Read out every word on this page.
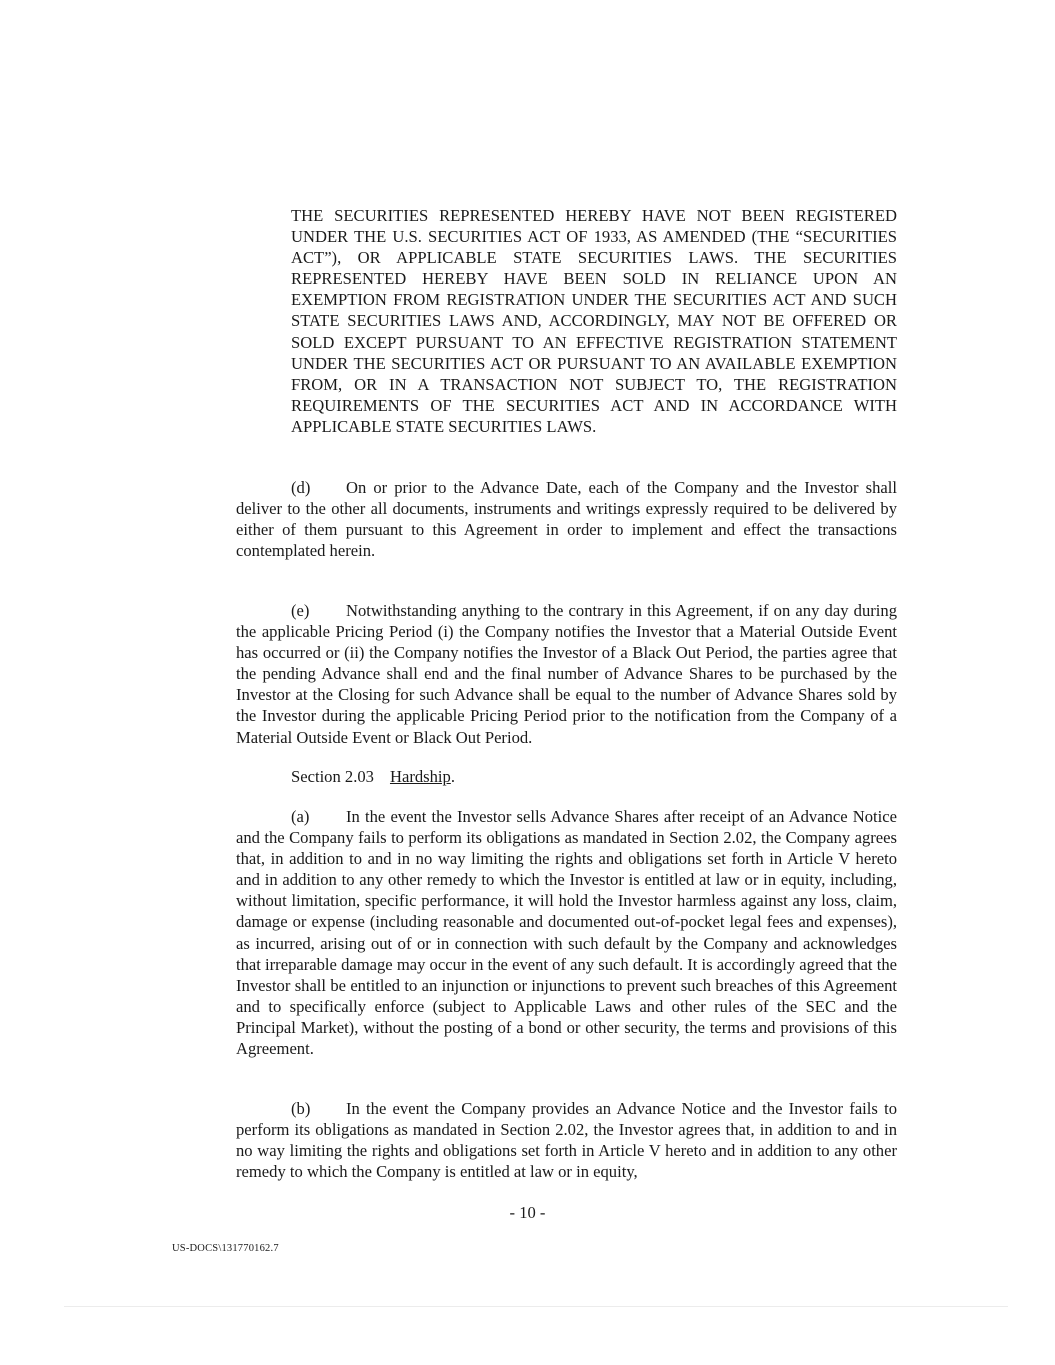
THE SECURITIES REPRESENTED HEREBY HAVE NOT BEEN REGISTERED UNDER THE U.S. SECURITIES ACT OF 1933, AS AMENDED (THE “SECURITIES ACT”), OR APPLICABLE STATE SECURITIES LAWS. THE SECURITIES REPRESENTED HEREBY HAVE BEEN SOLD IN RELIANCE UPON AN EXEMPTION FROM REGISTRATION UNDER THE SECURITIES ACT AND SUCH STATE SECURITIES LAWS AND, ACCORDINGLY, MAY NOT BE OFFERED OR SOLD EXCEPT PURSUANT TO AN EFFECTIVE REGISTRATION STATEMENT UNDER THE SECURITIES ACT OR PURSUANT TO AN AVAILABLE EXEMPTION FROM, OR IN A TRANSACTION NOT SUBJECT TO, THE REGISTRATION REQUIREMENTS OF THE SECURITIES ACT AND IN ACCORDANCE WITH APPLICABLE STATE SECURITIES LAWS.
(d) On or prior to the Advance Date, each of the Company and the Investor shall deliver to the other all documents, instruments and writings expressly required to be delivered by either of them pursuant to this Agreement in order to implement and effect the transactions contemplated herein.
(e) Notwithstanding anything to the contrary in this Agreement, if on any day during the applicable Pricing Period (i) the Company notifies the Investor that a Material Outside Event has occurred or (ii) the Company notifies the Investor of a Black Out Period, the parties agree that the pending Advance shall end and the final number of Advance Shares to be purchased by the Investor at the Closing for such Advance shall be equal to the number of Advance Shares sold by the Investor during the applicable Pricing Period prior to the notification from the Company of a Material Outside Event or Black Out Period.
Section 2.03 Hardship.
(a) In the event the Investor sells Advance Shares after receipt of an Advance Notice and the Company fails to perform its obligations as mandated in Section 2.02, the Company agrees that, in addition to and in no way limiting the rights and obligations set forth in Article V hereto and in addition to any other remedy to which the Investor is entitled at law or in equity, including, without limitation, specific performance, it will hold the Investor harmless against any loss, claim, damage or expense (including reasonable and documented out-of-pocket legal fees and expenses), as incurred, arising out of or in connection with such default by the Company and acknowledges that irreparable damage may occur in the event of any such default. It is accordingly agreed that the Investor shall be entitled to an injunction or injunctions to prevent such breaches of this Agreement and to specifically enforce (subject to Applicable Laws and other rules of the SEC and the Principal Market), without the posting of a bond or other security, the terms and provisions of this Agreement.
(b) In the event the Company provides an Advance Notice and the Investor fails to perform its obligations as mandated in Section 2.02, the Investor agrees that, in addition to and in no way limiting the rights and obligations set forth in Article V hereto and in addition to any other remedy to which the Company is entitled at law or in equity,
- 10 -
US-DOCS\131770162.7
